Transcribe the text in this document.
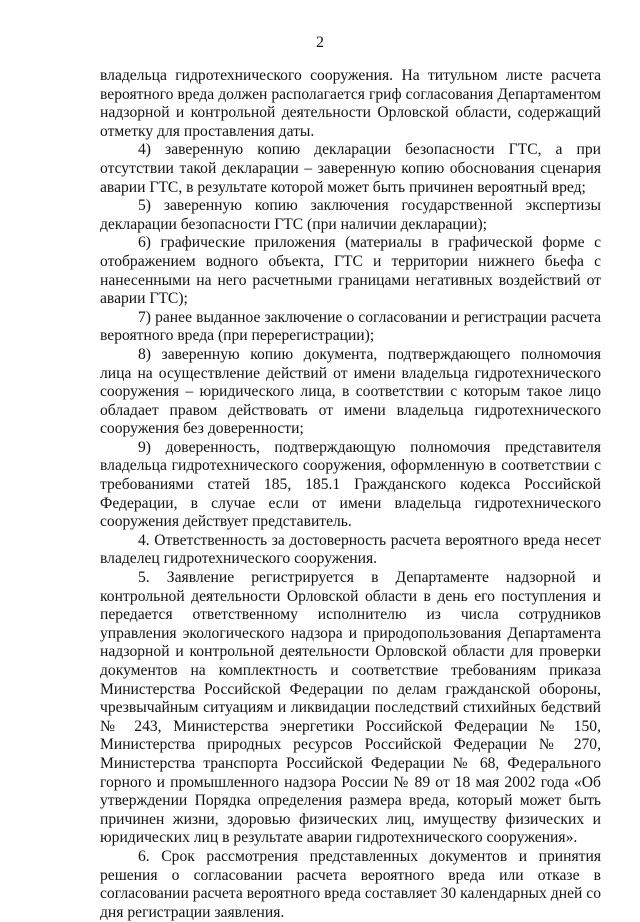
2

владельца гидротехнического сооружения. На титульном листе расчета вероятного вреда должен располагается гриф согласования Департаментом надзорной и контрольной деятельности Орловской области, содержащий отметку для проставления даты.

4) заверенную копию декларации безопасности ГТС, а при отсутствии такой декларации – заверенную копию обоснования сценария аварии ГТС, в результате которой может быть причинен вероятный вред;

5) заверенную копию заключения государственной экспертизы декларации безопасности ГТС (при наличии декларации);

6) графические приложения (материалы в графической форме с отображением водного объекта, ГТС и территории нижнего бьефа с нанесенными на него расчетными границами негативных воздействий от аварии ГТС);

7) ранее выданное заключение о согласовании и регистрации расчета вероятного вреда (при перерегистрации);

8) заверенную копию документа, подтверждающего полномочия лица на осуществление действий от имени владельца гидротехнического сооружения – юридического лица, в соответствии с которым такое лицо обладает правом действовать от имени владельца гидротехнического сооружения без доверенности;

9) доверенность, подтверждающую полномочия представителя владельца гидротехнического сооружения, оформленную в соответствии с требованиями статей 185, 185.1 Гражданского кодекса Российской Федерации, в случае если от имени владельца гидротехнического сооружения действует представитель.

4. Ответственность за достоверность расчета вероятного вреда несет владелец гидротехнического сооружения.

5. Заявление регистрируется в Департаменте надзорной и контрольной деятельности Орловской области в день его поступления и передается ответственному исполнителю из числа сотрудников управления экологического надзора и природопользования Департамента надзорной и контрольной деятельности Орловской области для проверки документов на комплектность и соответствие требованиям приказа Министерства Российской Федерации по делам гражданской обороны, чрезвычайным ситуациям и ликвидации последствий стихийных бедствий № 243, Министерства энергетики Российской Федерации № 150, Министерства природных ресурсов Российской Федерации № 270, Министерства транспорта Российской Федерации № 68, Федерального горного и промышленного надзора России № 89 от 18 мая 2002 года «Об утверждении Порядка определения размера вреда, который может быть причинен жизни, здоровью физических лиц, имуществу физических и юридических лиц в результате аварии гидротехнического сооружения».

6. Срок рассмотрения представленных документов и принятия решения о согласовании расчета вероятного вреда или отказе в согласовании расчета вероятного вреда составляет 30 календарных дней со дня регистрации заявления.
